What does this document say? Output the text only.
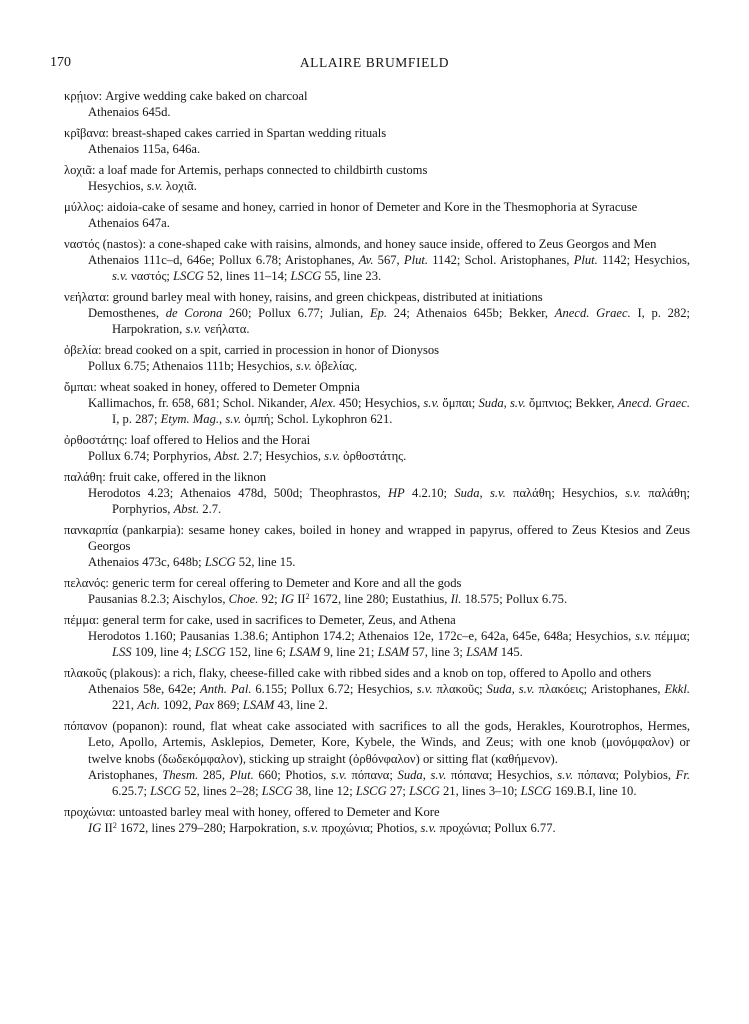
170	ALLAIRE BRUMFIELD
κρῄιον: Argive wedding cake baked on charcoal
Athenaios 645d.
κρῖβανα: breast-shaped cakes carried in Spartan wedding rituals
Athenaios 115a, 646a.
λοχιᾶ: a loaf made for Artemis, perhaps connected to childbirth customs
Hesychios, s.v. λοχιᾶ.
μύλλος: aidoia-cake of sesame and honey, carried in honor of Demeter and Kore in the Thesmophoria at Syracuse
Athenaios 647a.
ναστός (nastos): a cone-shaped cake with raisins, almonds, and honey sauce inside, offered to Zeus Georgos and Men
Athenaios 111c–d, 646e; Pollux 6.78; Aristophanes, Av. 567, Plut. 1142; Schol. Aristophanes, Plut. 1142; Hesychios, s.v. ναστός; LSCG 52, lines 11–14; LSCG 55, line 23.
νεήλατα: ground barley meal with honey, raisins, and green chickpeas, distributed at initiations
Demosthenes, de Corona 260; Pollux 6.77; Julian, Ep. 24; Athenaios 645b; Bekker, Anecd. Graec. I, p. 282; Harpokration, s.v. νεήλατα.
ὀβελία: bread cooked on a spit, carried in procession in honor of Dionysos
Pollux 6.75; Athenaios 111b; Hesychios, s.v. ὀβελίας.
ὄμπαι: wheat soaked in honey, offered to Demeter Ompnia
Kallimachos, fr. 658, 681; Schol. Nikander, Alex. 450; Hesychios, s.v. ὄμπαι; Suda, s.v. ὄμπνιος; Bekker, Anecd. Graec. I, p. 287; Etym. Mag., s.v. ὀμπή; Schol. Lykophron 621.
ὀρθοστάτης: loaf offered to Helios and the Horai
Pollux 6.74; Porphyrios, Abst. 2.7; Hesychios, s.v. ὀρθοστάτης.
παλάθη: fruit cake, offered in the liknon
Herodotos 4.23; Athenaios 478d, 500d; Theophrastos, HP 4.2.10; Suda, s.v. παλάθη; Hesychios, s.v. παλάθη; Porphyrios, Abst. 2.7.
πανκαρπία (pankarpia): sesame honey cakes, boiled in honey and wrapped in papyrus, offered to Zeus Ktesios and Zeus Georgos
Athenaios 473c, 648b; LSCG 52, line 15.
πελανός: generic term for cereal offering to Demeter and Kore and all the gods
Pausanias 8.2.3; Aischylos, Choe. 92; IG $II^2$ 1672, line 280; Eustathius, Il. 18.575; Pollux 6.75.
πέμμα: general term for cake, used in sacrifices to Demeter, Zeus, and Athena
Herodotos 1.160; Pausanias 1.38.6; Antiphon 174.2; Athenaios 12e, 172c–e, 642a, 645e, 648a; Hesychios, s.v. πέμμα; LSS 109, line 4; LSCG 152, line 6; LSAM 9, line 21; LSAM 57, line 3; LSAM 145.
πλακοῦς (plakous): a rich, flaky, cheese-filled cake with ribbed sides and a knob on top, offered to Apollo and others
Athenaios 58e, 642e; Anth. Pal. 6.155; Pollux 6.72; Hesychios, s.v. πλακοῦς; Suda, s.v. πλακόεις; Aristophanes, Ekkl. 221, Ach. 1092, Pax 869; LSAM 43, line 2.
πόπανον (popanon): round, flat wheat cake associated with sacrifices to all the gods, Herakles, Kourotrophos, Hermes, Leto, Apollo, Artemis, Asklepios, Demeter, Kore, Kybele, the Winds, and Zeus; with one knob (μονόμφαλον) or twelve knobs (δωδεκόμφαλον), sticking up straight (ὀρθόνφαλον) or sitting flat (καθήμενον).
Aristophanes, Thesm. 285, Plut. 660; Photios, s.v. πόπανα; Suda, s.v. πόπανα; Hesychios, s.v. πόπανα; Polybios, Fr. 6.25.7; LSCG 52, lines 2–28; LSCG 38, line 12; LSCG 27; LSCG 21, lines 3–10; LSCG 169.B.I, line 10.
προχώνια: untoasted barley meal with honey, offered to Demeter and Kore
IG $II^2$ 1672, lines 279–280; Harpokration, s.v. προχώνια; Photios, s.v. προχώνια; Pollux 6.77.
